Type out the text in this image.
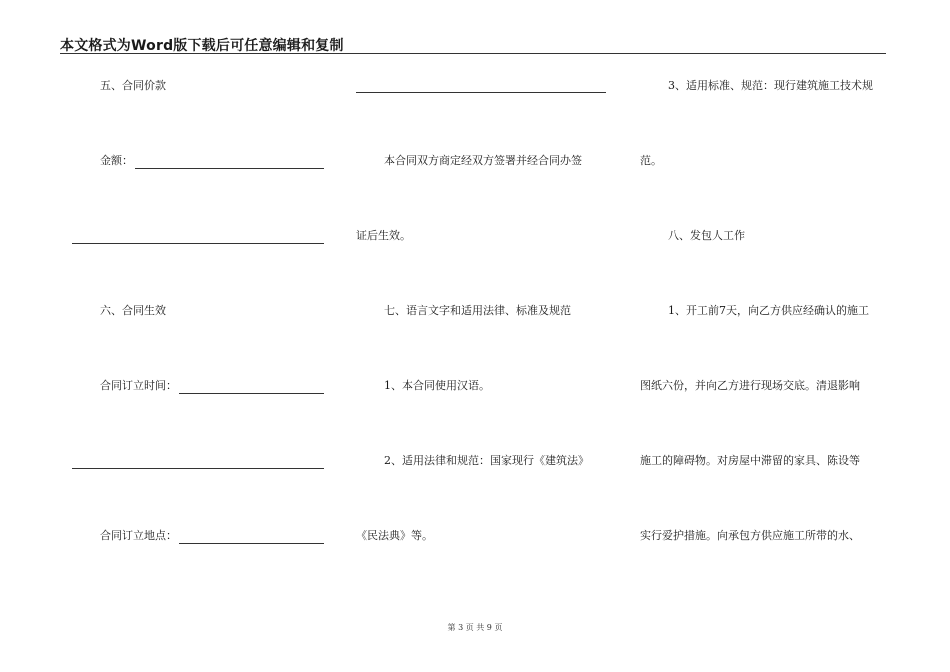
本文格式为Word版下载后可任意编辑和复制
五、合同价款
金额：
六、合同生效
合同订立时间：
合同订立地点：
本合同双方商定经双方签署并经合同办签
证后生效。
七、语言文字和适用法律、标准及规范
1、本合同使用汉语。
2、适用法律和规范：国家现行《建筑法》
《民法典》等。
3、适用标准、规范：现行建筑施工技术规
范。
八、发包人工作
1、开工前7天，向乙方供应经确认的施工
图纸六份，并向乙方进行现场交底。清退影响
施工的障碍物。对房屋中滞留的家具、陈设等
实行爱护措施。向承包方供应施工所带的水、
第 3 页 共 9 页
